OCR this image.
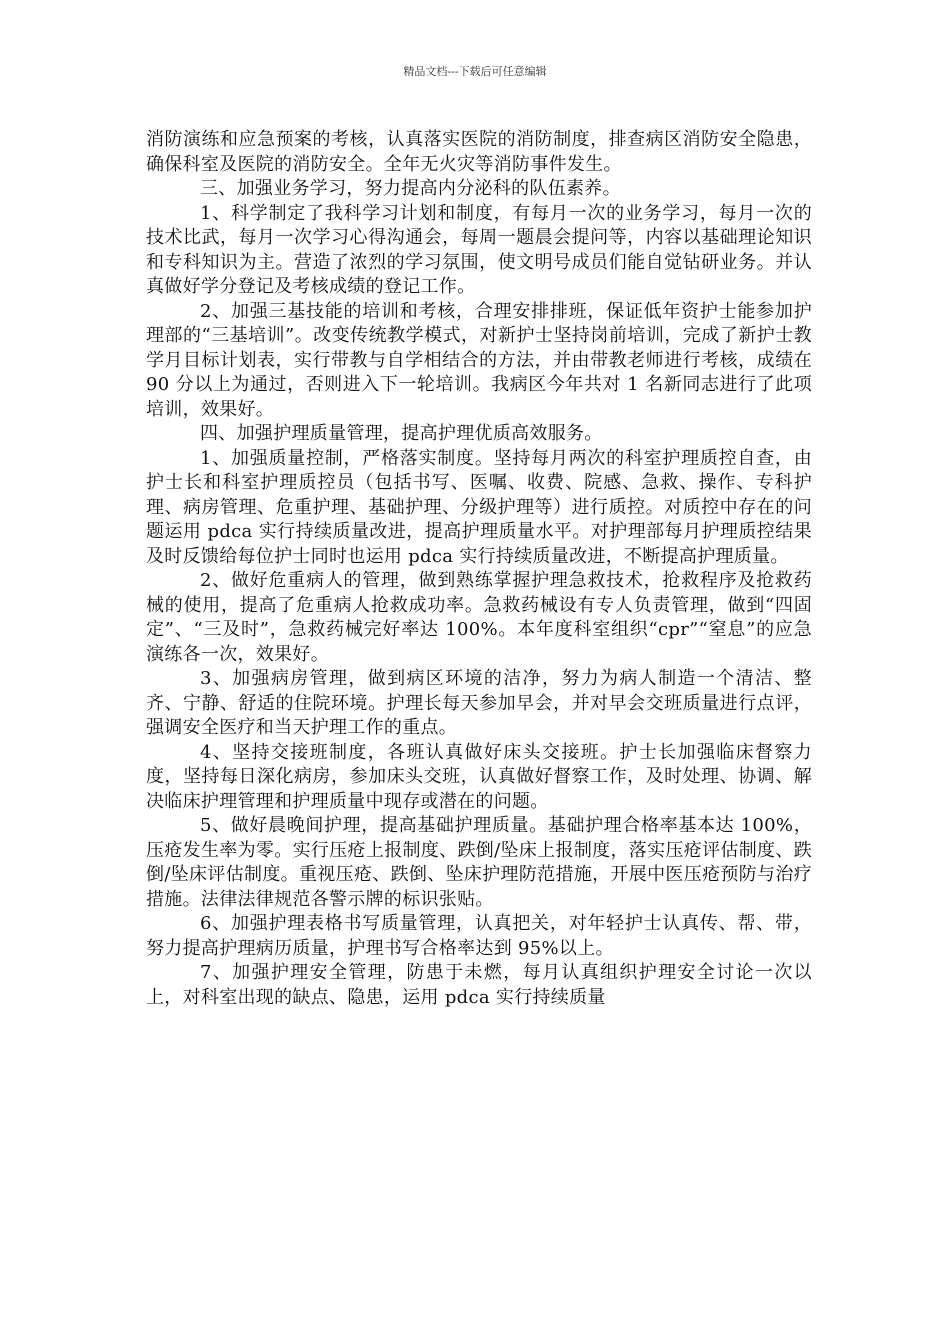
精品文档---下载后可任意编辑

消防演练和应急预案的考核，认真落实医院的消防制度，排查病区消防安全隐患，确保科室及医院的消防安全。全年无火灾等消防事件发生。

三、加强业务学习，努力提高内分泌科的队伍素养。

1、科学制定了我科学习计划和制度，有每月一次的业务学习，每月一次的技术比武，每月一次学习心得沟通会，每周一题晨会提问等，内容以基础理论知识和专科知识为主。营造了浓烈的学习氛围，使文明号成员们能自觉钻研业务。并认真做好学分登记及考核成绩的登记工作。

2、加强三基技能的培训和考核，合理安排排班，保证低年资护士能参加护理部的“三基培训”。改变传统教学模式，对新护士坚持岗前培训，完成了新护士教学月目标计划表，实行带教与自学相结合的方法，并由带教老师进行考核，成绩在 90 分以上为通过，否则进入下一轮培训。我病区今年共对 1 名新同志进行了此项培训，效果好。

四、加强护理质量管理，提高护理优质高效服务。

1、加强质量控制，严格落实制度。坚持每月两次的科室护理质控自查，由护士长和科室护理质控员（包括书写、医嘱、收费、院感、急救、操作、专科护理、病房管理、危重护理、基础护理、分级护理等）进行质控。对质控中存在的问题运用 pdca 实行持续质量改进，提高护理质量水平。对护理部每月护理质控结果及时反馈给每位护士同时也运用 pdca 实行持续质量改进，不断提高护理质量。

2、做好危重病人的管理，做到熟练掌握护理急救技术，抢救程序及抢救药械的使用，提高了危重病人抢救成功率。急救药械设有专人负责管理，做到“四固定”、“三及时”，急救药械完好率达 100%。本年度科室组织“cpr”“窒息”的应急演练各一次，效果好。

3、加强病房管理，做到病区环境的洁净，努力为病人制造一个清洁、整齐、宁静、舒适的住院环境。护理长每天参加早会，并对早会交班质量进行点评，强调安全医疗和当天护理工作的重点。

4、坚持交接班制度，各班认真做好床头交接班。护士长加强临床督察力度，坚持每日深化病房，参加床头交班，认真做好督察工作，及时处理、协调、解决临床护理管理和护理质量中现存或潜在的问题。

5、做好晨晚间护理，提高基础护理质量。基础护理合格率基本达 100%，压疮发生率为零。实行压疮上报制度、跌倒/坠床上报制度，落实压疮评估制度、跌倒/坠床评估制度。重视压疮、跌倒、坠床护理防范措施，开展中医压疮预防与治疗措施。法律法律规范各警示牌的标识张贴。

6、加强护理表格书写质量管理，认真把关，对年轻护士认真传、帮、带，努力提高护理病历质量，护理书写合格率达到 95%以上。

7、加强护理安全管理，防患于未燃，每月认真组织护理安全讨论一次以上，对科室出现的缺点、隐患，运用 pdca 实行持续质量
